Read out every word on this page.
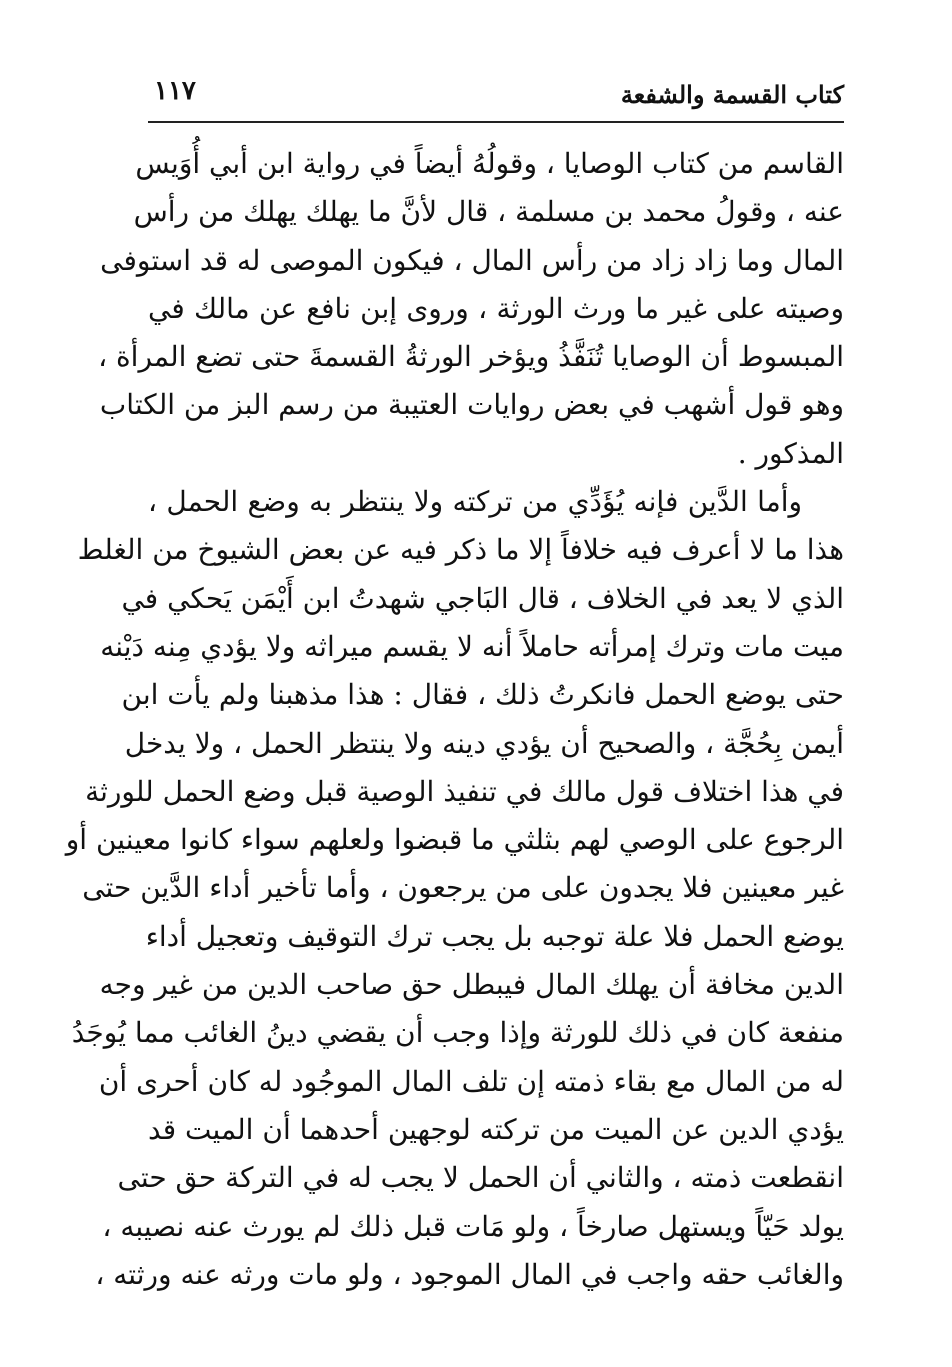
كتاب القسمة والشفعة
١١٧
القاسم من كتاب الوصايا ، وقولُهُ أيضاً في رواية ابن أبي أُوَيس
عنه ، وقولُ محمد بن مسلمة ، قال لأنَّ ما يهلك يهلك من رأس
المال وما زاد زاد من رأس المال ، فيكون الموصى له قد استوفى
وصيته على غير ما ورث الورثة ، وروى إبن نافع عن مالك في
المبسوط أن الوصايا تُنَفَّذُ ويؤخر الورثةُ القسمةَ حتى تضع المرأة ،
وهو قول أشهب في بعض روايات العتيبة من رسم البز من الكتاب
المذكور .
وأما الدَّين فإنه يُؤَدِّي من تركته ولا ينتظر به وضع الحمل ،
هذا ما لا أعرف فيه خلافاً إلا ما ذكر فيه عن بعض الشيوخ من الغلط
الذي لا يعد في الخلاف ، قال البَاجي شهدتُ ابن أَيْمَن يَحكي في
ميت مات وترك إمرأته حاملاً أنه لا يقسم ميراثه ولا يؤدي مِنه دَيْنه
حتى يوضع الحمل فانكرتُ ذلك ، فقال : هذا مذهبنا ولم يأت ابن
أيمن بِحُجَّة ، والصحيح أن يؤدي دينه ولا ينتظر الحمل ، ولا يدخل
في هذا اختلاف قول مالك في تنفيذ الوصية قبل وضع الحمل للورثة
الرجوع على الوصي لهم بثلثي ما قبضوا ولعلهم سواء كانوا معينين أو
غير معينين فلا يجدون على من يرجعون ، وأما تأخير أداء الدَّين حتى
يوضع الحمل فلا علة توجبه بل يجب ترك التوقيف وتعجيل أداء
الدين مخافة أن يهلك المال فيبطل حق صاحب الدين من غير وجه
منفعة كان في ذلك للورثة وإذا وجب أن يقضي دينُ الغائب مما يُوجَدُ
له من المال مع بقاء ذمته إن تلف المال الموجُود له كان أحرى أن
يؤدي الدين عن الميت من تركته لوجهين أحدهما أن الميت قد
انقطعت ذمته ، والثاني أن الحمل لا يجب له في التركة حق حتى
يولد حَيّاً ويستهل صارخاً ، ولو مَات قبل ذلك لم يورث عنه نصيبه ،
والغائب حقه واجب في المال الموجود ، ولو مات ورثه عنه ورثته ،
